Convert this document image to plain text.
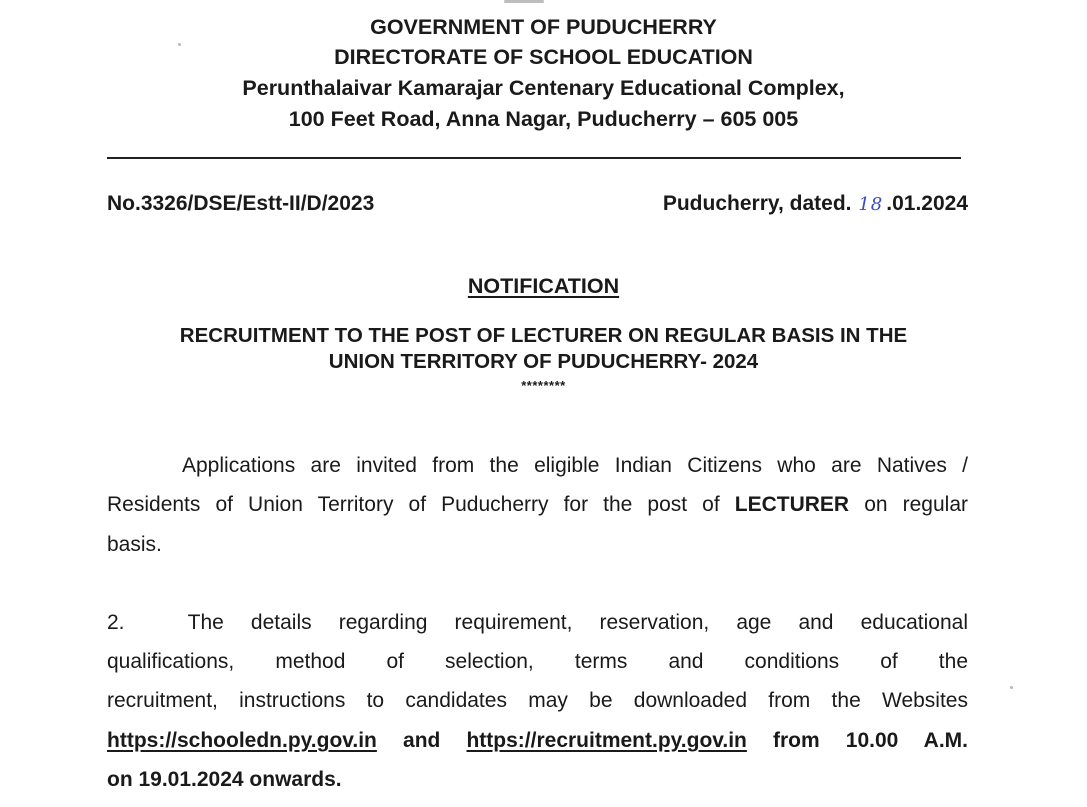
GOVERNMENT OF PUDUCHERRY
DIRECTORATE OF SCHOOL EDUCATION
Perunthalaivar Kamarajar Centenary Educational Complex,
100 Feet Road, Anna Nagar, Puducherry – 605 005
No.3326/DSE/Estt-II/D/2023	Puducherry, dated. 18 .01.2024
NOTIFICATION
RECRUITMENT TO THE POST OF LECTURER ON REGULAR BASIS IN THE
UNION TERRITORY OF PUDUCHERRY- 2024
********
Applications are invited from the eligible Indian Citizens who are Natives /
Residents of Union Territory of Puducherry for the post of LECTURER on regular
basis.
2.	The details regarding requirement, reservation, age and educational
qualifications, method of selection, terms and conditions of the
recruitment, instructions to candidates may be downloaded from the Websites
https://schooledn.py.gov.in and https://recruitment.py.gov.in from 10.00 A.M.
on 19.01.2024 onwards.
